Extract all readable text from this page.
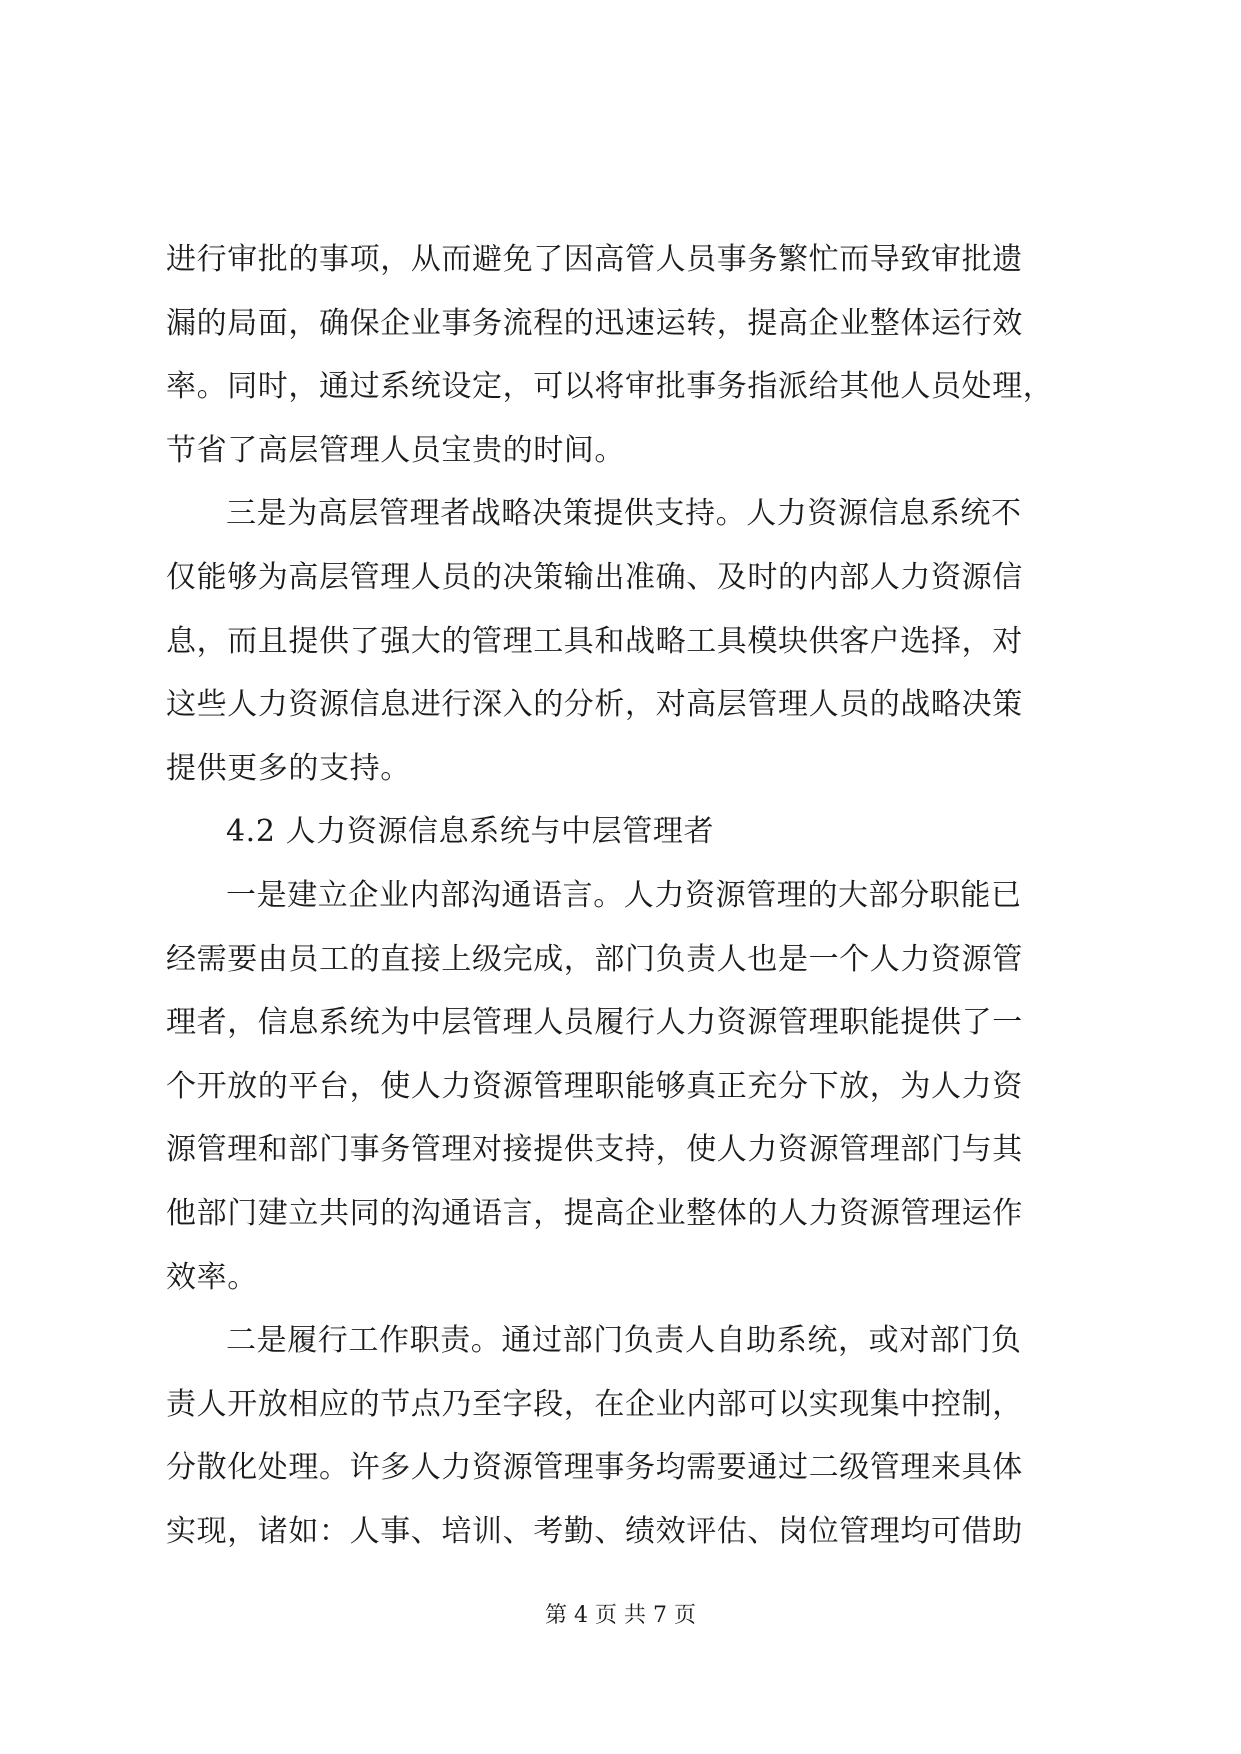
进行审批的事项，从而避免了因高管人员事务繁忙而导致审批遗
漏的局面，确保企业事务流程的迅速运转，提高企业整体运行效
率。同时，通过系统设定，可以将审批事务指派给其他人员处理，
节省了高层管理人员宝贵的时间。
三是为高层管理者战略决策提供支持。人力资源信息系统不
仅能够为高层管理人员的决策输出准确、及时的内部人力资源信
息，而且提供了强大的管理工具和战略工具模块供客户选择，对
这些人力资源信息进行深入的分析，对高层管理人员的战略决策
提供更多的支持。
4.2 人力资源信息系统与中层管理者
一是建立企业内部沟通语言。人力资源管理的大部分职能已
经需要由员工的直接上级完成，部门负责人也是一个人力资源管
理者，信息系统为中层管理人员履行人力资源管理职能提供了一
个开放的平台，使人力资源管理职能够真正充分下放，为人力资
源管理和部门事务管理对接提供支持，使人力资源管理部门与其
他部门建立共同的沟通语言，提高企业整体的人力资源管理运作
效率。
二是履行工作职责。通过部门负责人自助系统，或对部门负
责人开放相应的节点乃至字段，在企业内部可以实现集中控制，
分散化处理。许多人力资源管理事务均需要通过二级管理来具体
实现，诸如：人事、培训、考勤、绩效评估、岗位管理均可借助
第 4 页 共 7 页
